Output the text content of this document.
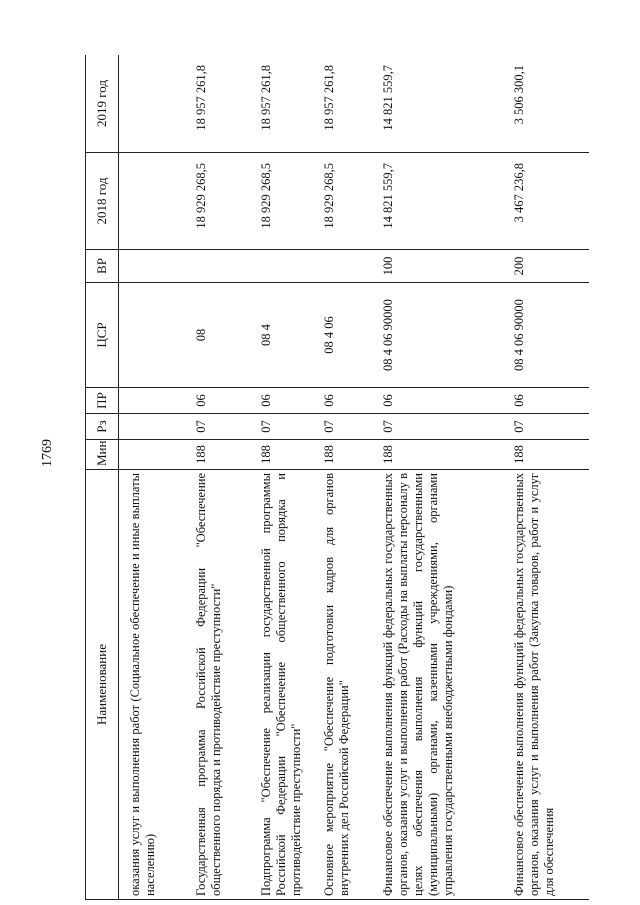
1769
Наименование	Мин	Рз	ПР	ЦСР	ВР	2018 год	2019 год

оказания услуг и выполнения работ (Социальное обеспечение и иные выплаты населению)							
Государственная программа Российской Федерации "Обеспечение общественного порядка и противодействие преступности"	188	07	06	08		18 929 268,5	18 957 261,8
Подпрограмма "Обеспечение реализации государственной программы Российской Федерации "Обеспечение общественного порядка и противодействие преступности"	188	07	06	08 4		18 929 268,5	18 957 261,8
Основное мероприятие "Обеспечение подготовки кадров для органов внутренних дел Российской Федерации"	188	07	06	08 4 06		18 929 268,5	18 957 261,8
Финансовое обеспечение выполнения функций федеральных государственных органов, оказания услуг и выполнения работ (Расходы на выплаты персоналу в целях обеспечения выполнения функций государственными (муниципальными) органами, казенными учреждениями, органами управления государственными внебюджетными фондами)	188	07	06	08 4 06 90000	100	14 821 559,7	14 821 559,7
Финансовое обеспечение выполнения функций федеральных государственных органов, оказания услуг и выполнения работ (Закупка товаров, работ и услуг для обеспечения	188	07	06	08 4 06 90000	200	3 467 236,8	3 506 300,1
